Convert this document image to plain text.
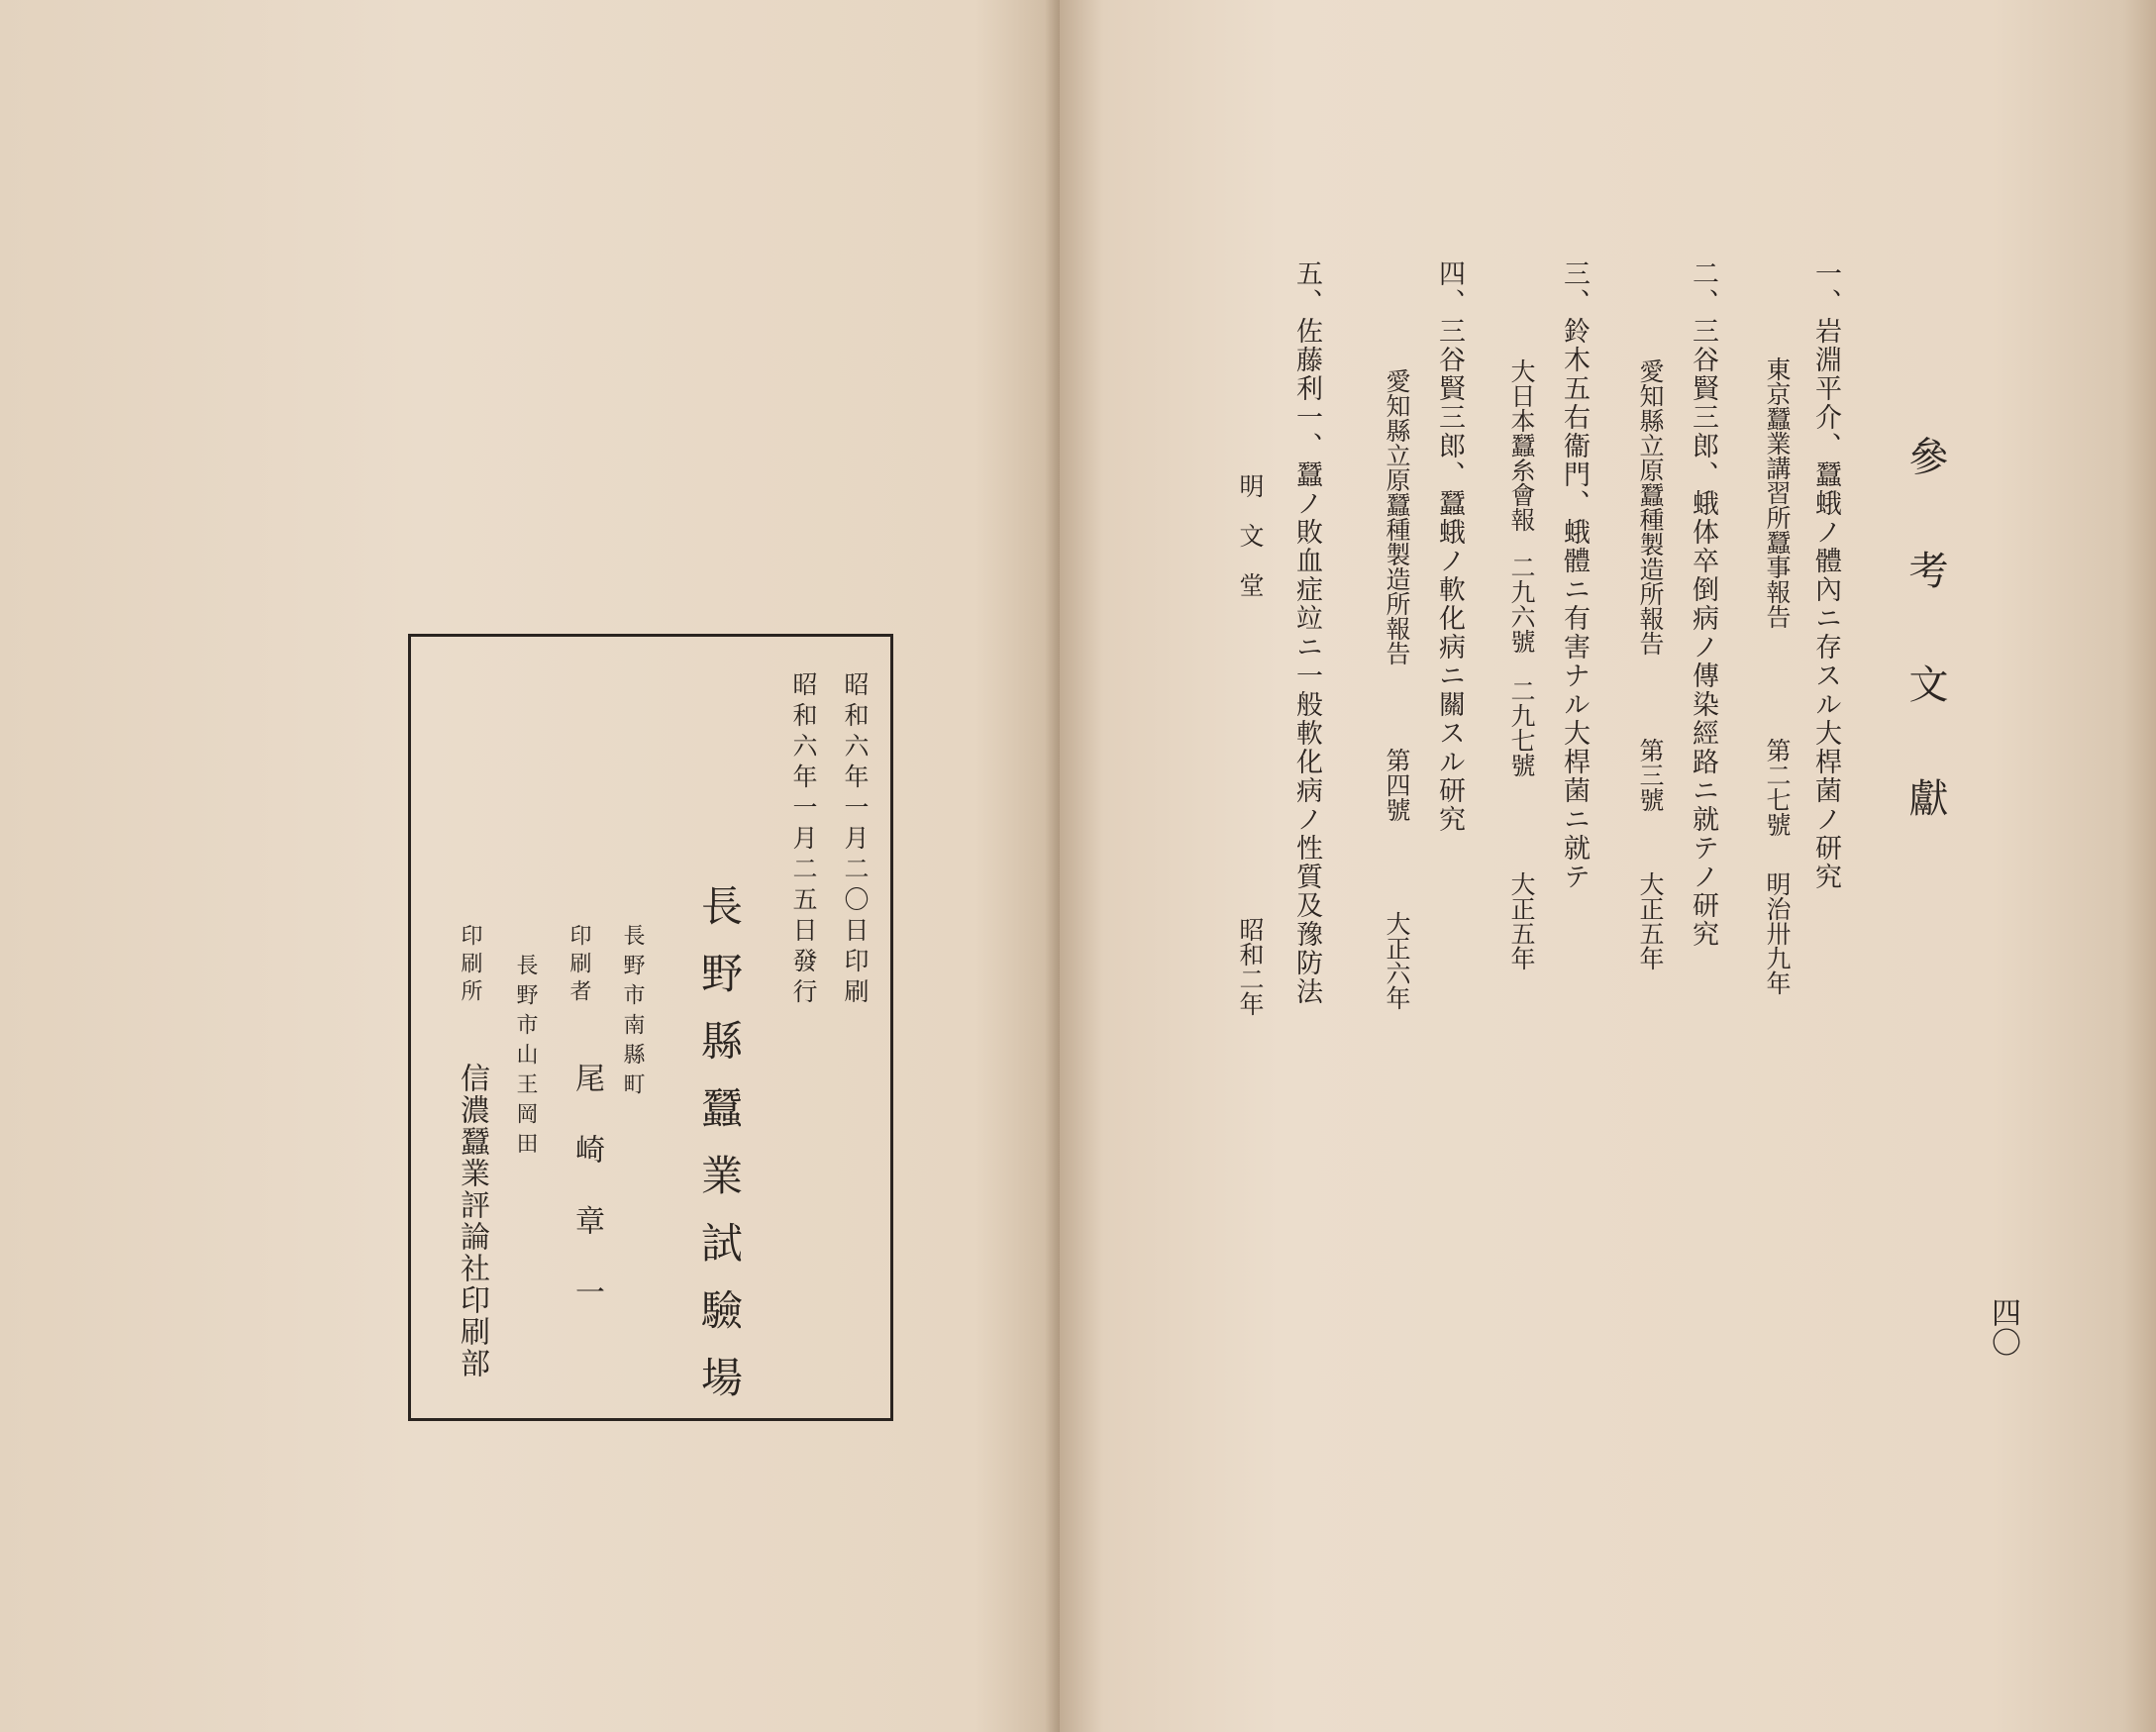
昭和六年一月二〇日印刷
昭和六年一月二五日發行
長野縣蠶業試驗場
長野市南縣町
印刷者
尾　崎　章　一
長野市山王岡田
印刷所
信濃蠶業評論社印刷部
參考文獻
四〇
一、岩淵平介、蠶蛾ノ體內ニ存スル大桿菌ノ研究
東京蠶業講習所蠶事報告
第二七號
明治卅九年
二、三谷賢三郎、蛾体卒倒病ノ傳染經路ニ就テノ研究
愛知縣立原蠶種製造所報告
第三號
大正五年
三、鈴木五右衞門、蛾體ニ有害ナル大桿菌ニ就テ
大日本蠶糸會報
二九六號　二九七號
大正五年
四、三谷賢三郎、蠶蛾ノ軟化病ニ關スル研究
愛知縣立原蠶種製造所報告
第四號
大正六年
五、佐藤利一、蠶ノ敗血症竝ニ一般軟化病ノ性質及豫防法
明　文　堂
昭和二年
